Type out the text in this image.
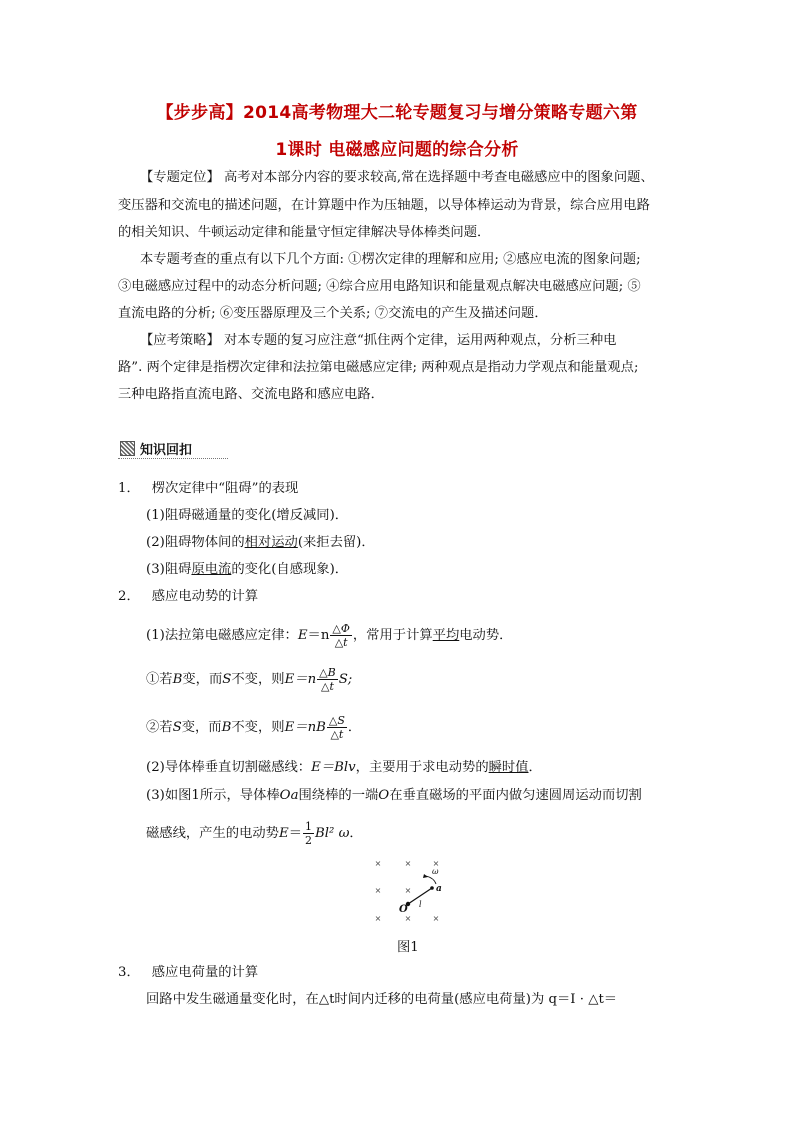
【步步高】2014高考物理大二轮专题复习与增分策略专题六第
1课时 电磁感应问题的综合分析
【专题定位】 高考对本部分内容的要求较高,常在选择题中考查电磁感应中的图象问题、
变压器和交流电的描述问题，在计算题中作为压轴题，以导体棒运动为背景，综合应用电路
的相关知识、牛顿运动定律和能量守恒定律解决导体棒类问题．
本专题考查的重点有以下几个方面: ①楞次定律的理解和应用; ②感应电流的图象问题;
③电磁感应过程中的动态分析问题; ④综合应用电路知识和能量观点解决电磁感应问题; ⑤
直流电路的分析; ⑥变压器原理及三个关系; ⑦交流电的产生及描述问题．
【应考策略】 对本专题的复习应注意“抓住两个定律，运用两种观点，分析三种电
路”. 两个定律是指楞次定律和法拉第电磁感应定律; 两种观点是指动力学观点和能量观点;
三种电路指直流电路、交流电路和感应电路．
知识回扣
1． 楞次定律中“阻碍”的表现
(1)阻碍磁通量的变化(增反减同)．
(2)阻碍物体间的相对运动(来拒去留)．
(3)阻碍原电流的变化(自感现象)．
2． 感应电动势的计算
(1)法拉第电磁感应定律：$E=n \frac{\triangle\Phi}{\triangle t}$ ，常用于计算平均电动势．
①若B变，而S不变，则$E=n \frac{\triangle B}{\triangle t} S$;
②若S变，而B不变，则$E=nB \frac{\triangle S}{\triangle t}$ ．
(2)导体棒垂直切割磁感线：E＝Blv，主要用于求电动势的瞬时值．
(3)如图1所示，导体棒Oa围绕棒的一端O在垂直磁场的平面内做匀速圆周运动而切割
磁感线，产生的电动势$E= \frac{1}{2} Bl^2$ ω．
×	×	×
×	×
×	×	×
ω
a
O l
图1
3． 感应电荷量的计算
回路中发生磁通量变化时，在△t时间内迁移的电荷量(感应电荷量)为 q＝I · △t＝
